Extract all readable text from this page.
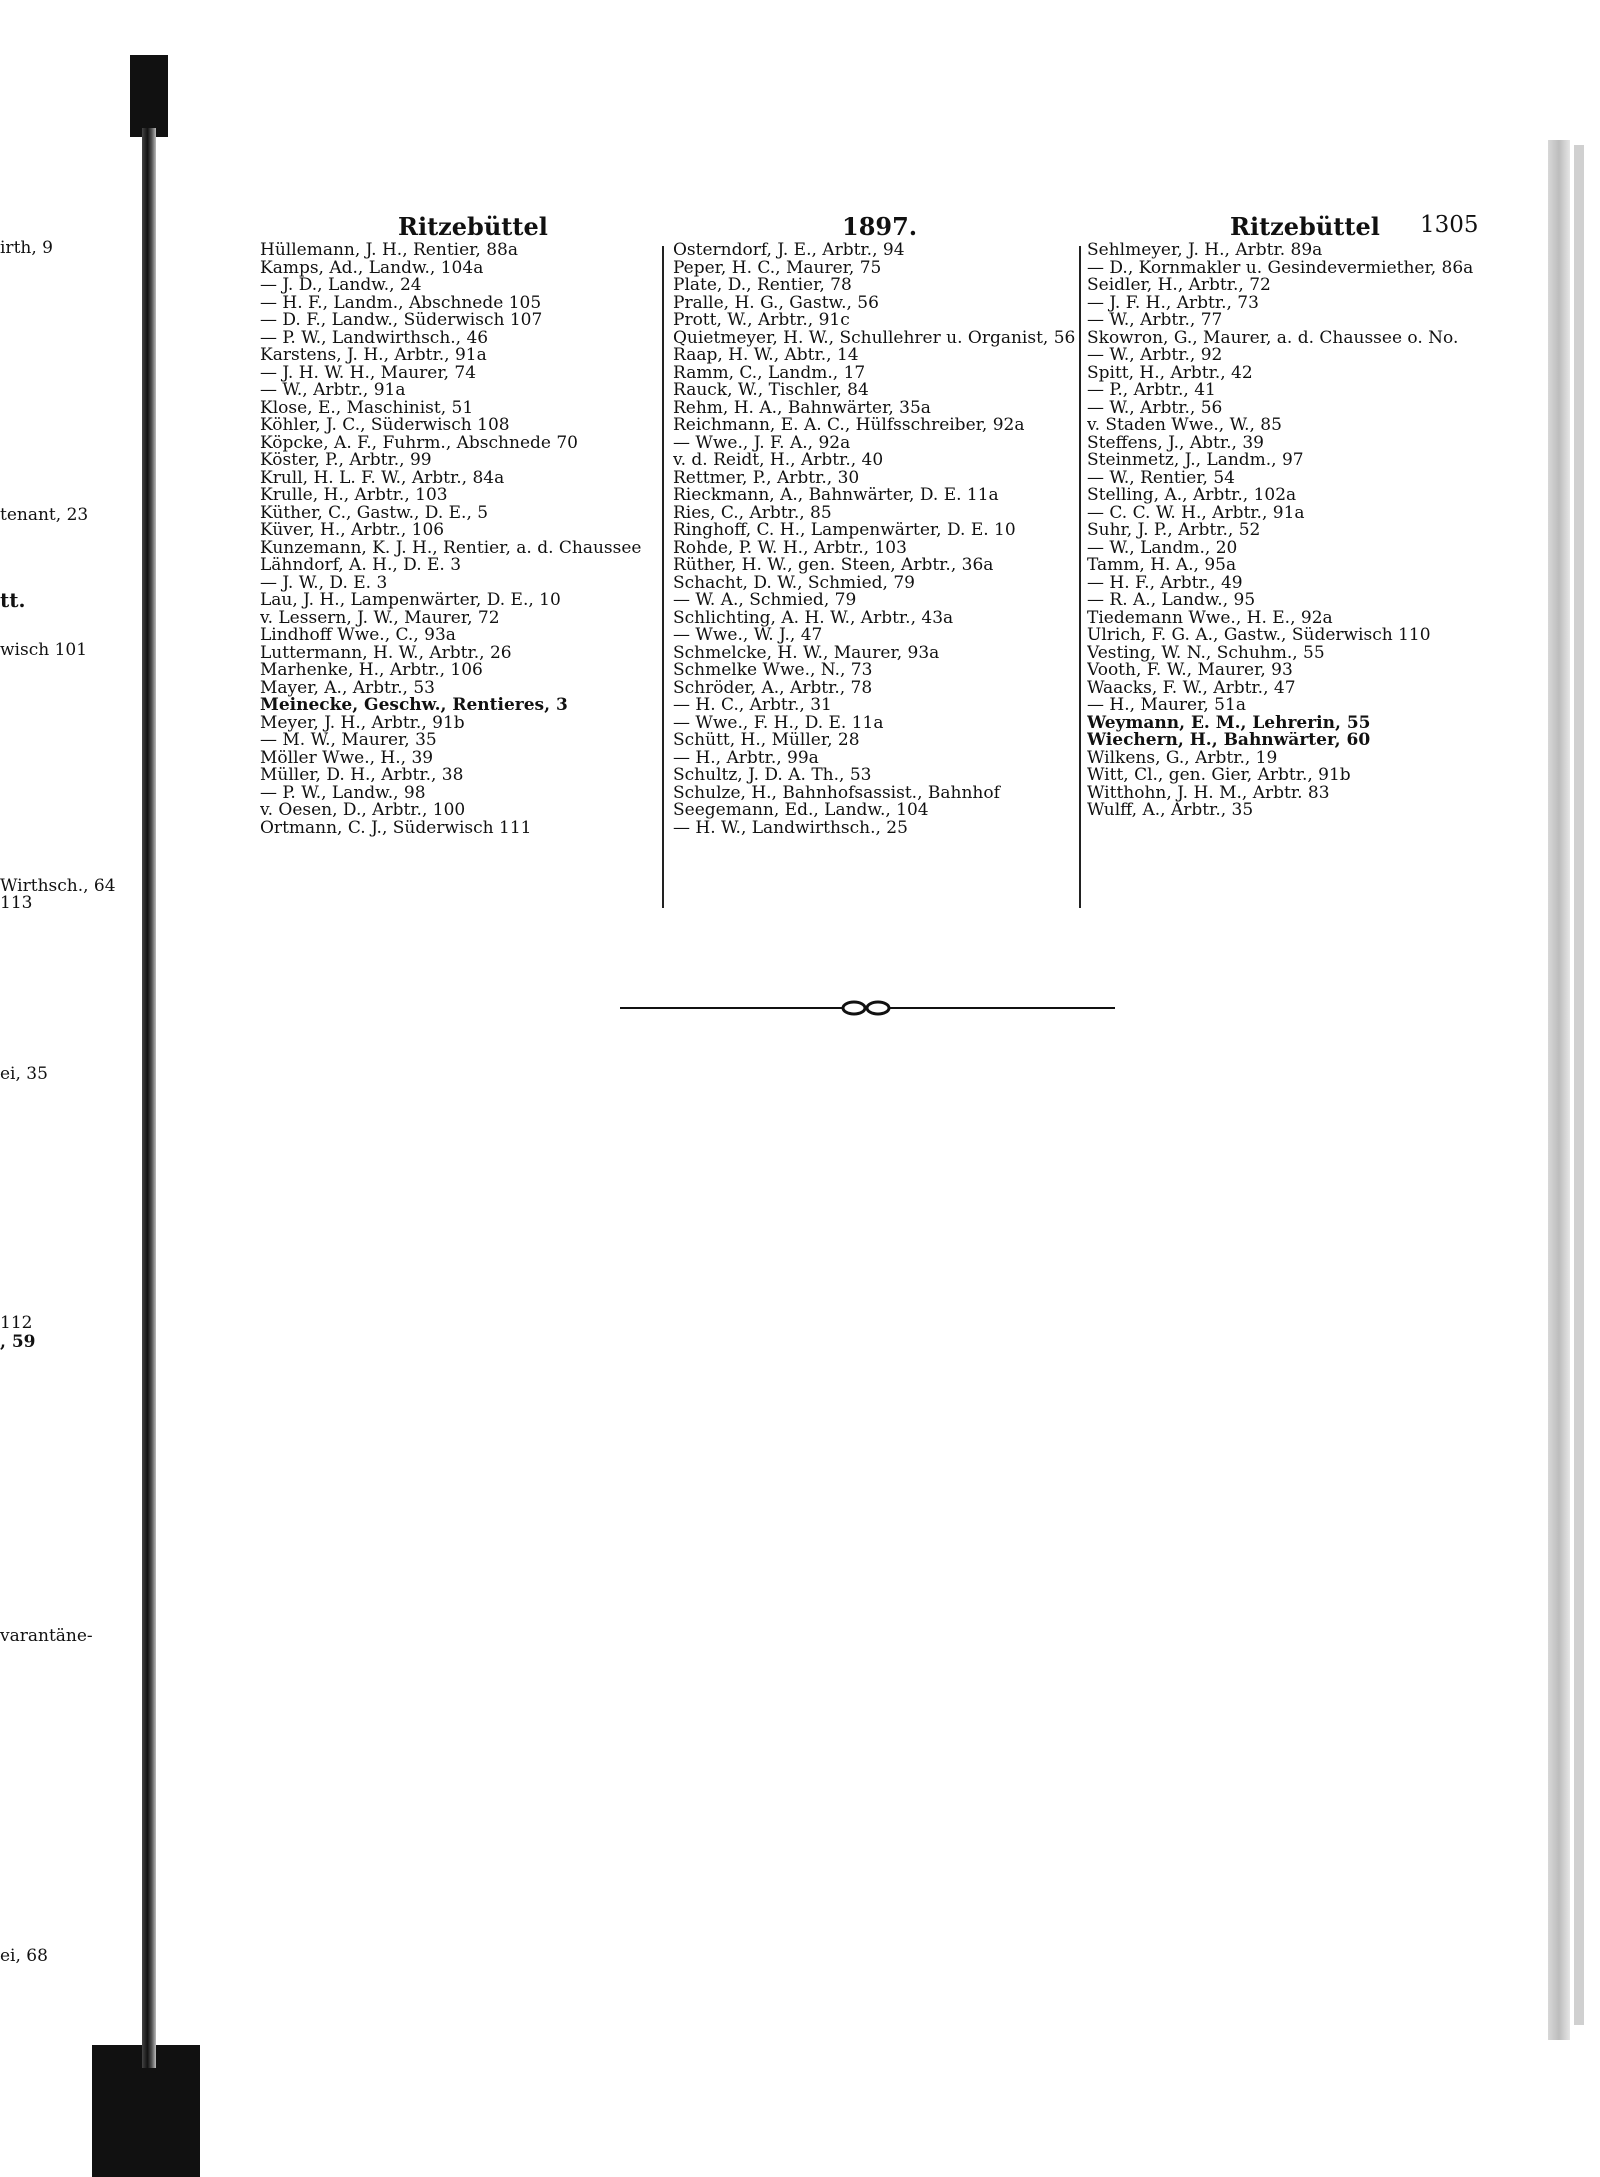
irth, 9
tenant, 23
tt.
wisch 101
Wirthsch., 64
113
ei, 35
112
, 59
varantäne-
ei, 68
Ritzebüttel	1897.	Ritzebüttel 1305
Hüllemann, J. H., Rentier, 88a
Kamps, Ad., Landw., 104a
— J. D., Landw., 24
— H. F., Landm., Abschnede 105
— D. F., Landw., Süderwisch 107
— P. W., Landwirthsch., 46
Karstens, J. H., Arbtr., 91a
— J. H. W. H., Maurer, 74
— W., Arbtr., 91a
Klose, E., Maschinist, 51
Köhler, J. C., Süderwisch 108
Köpcke, A. F., Fuhrm., Abschnede 70
Köster, P., Arbtr., 99
Krull, H. L. F. W., Arbtr., 84a
Krulle, H., Arbtr., 103
Küther, C., Gastw., D. E., 5
Küver, H., Arbtr., 106
Kunzemann, K. J. H., Rentier, a. d. Chaussee
Lähndorf, A. H., D. E. 3
— J. W., D. E. 3
Lau, J. H., Lampenwärter, D. E., 10
v. Lessern, J. W., Maurer, 72
Lindhoff Wwe., C., 93a
Luttermann, H. W., Arbtr., 26
Marhenke, H., Arbtr., 106
Mayer, A., Arbtr., 53
Meinecke, Geschw., Rentieres, 3
Meyer, J. H., Arbtr., 91b
— M. W., Maurer, 35
Möller Wwe., H., 39
Müller, D. H., Arbtr., 38
— P. W., Landw., 98
v. Oesen, D., Arbtr., 100
Ortmann, C. J., Süderwisch 111
Osterndorf, J. E., Arbtr., 94
Peper, H. C., Maurer, 75
Plate, D., Rentier, 78
Pralle, H. G., Gastw., 56
Prott, W., Arbtr., 91c
Quietmeyer, H. W., Schullehrer u. Organist, 56
Raap, H. W., Abtr., 14
Ramm, C., Landm., 17
Rauck, W., Tischler, 84
Rehm, H. A., Bahnwärter, 35a
Reichmann, E. A. C., Hülfsschreiber, 92a
— Wwe., J. F. A., 92a
v. d. Reidt, H., Arbtr., 40
Rettmer, P., Arbtr., 30
Rieckmann, A., Bahnwärter, D. E. 11a
Ries, C., Arbtr., 85
Ringhoff, C. H., Lampenwärter, D. E. 10
Rohde, P. W. H., Arbtr., 103
Rüther, H. W., gen. Steen, Arbtr., 36a
Schacht, D. W., Schmied, 79
— W. A., Schmied, 79
Schlichting, A. H. W., Arbtr., 43a
— Wwe., W. J., 47
Schmelcke, H. W., Maurer, 93a
Schmelke Wwe., N., 73
Schröder, A., Arbtr., 78
— H. C., Arbtr., 31
— Wwe., F. H., D. E. 11a
Schütt, H., Müller, 28
— H., Arbtr., 99a
Schultz, J. D. A. Th., 53
Schulze, H., Bahnhofsassist., Bahnhof
Seegemann, Ed., Landw., 104
— H. W., Landwirthsch., 25
Sehlmeyer, J. H., Arbtr. 89a
— D., Kornmakler u. Gesindevermiether, 86a
Seidler, H., Arbtr., 72
— J. F. H., Arbtr., 73
— W., Arbtr., 77
Skowron, G., Maurer, a. d. Chaussee o. No.
— W., Arbtr., 92
Spitt, H., Arbtr., 42
— P., Arbtr., 41
— W., Arbtr., 56
v. Staden Wwe., W., 85
Steffens, J., Abtr., 39
Steinmetz, J., Landm., 97
— W., Rentier, 54
Stelling, A., Arbtr., 102a
— C. C. W. H., Arbtr., 91a
Suhr, J. P., Arbtr., 52
— W., Landm., 20
Tamm, H. A., 95a
— H. F., Arbtr., 49
— R. A., Landw., 95
Tiedemann Wwe., H. E., 92a
Ulrich, F. G. A., Gastw., Süderwisch 110
Vesting, W. N., Schuhm., 55
Vooth, F. W., Maurer, 93
Waacks, F. W., Arbtr., 47
— H., Maurer, 51a
Weymann, E. M., Lehrerin, 55
Wiechern, H., Bahnwärter, 60
Wilkens, G., Arbtr., 19
Witt, Cl., gen. Gier, Arbtr., 91b
Witthohn, J. H. M., Arbtr. 83
Wulff, A., Arbtr., 35
